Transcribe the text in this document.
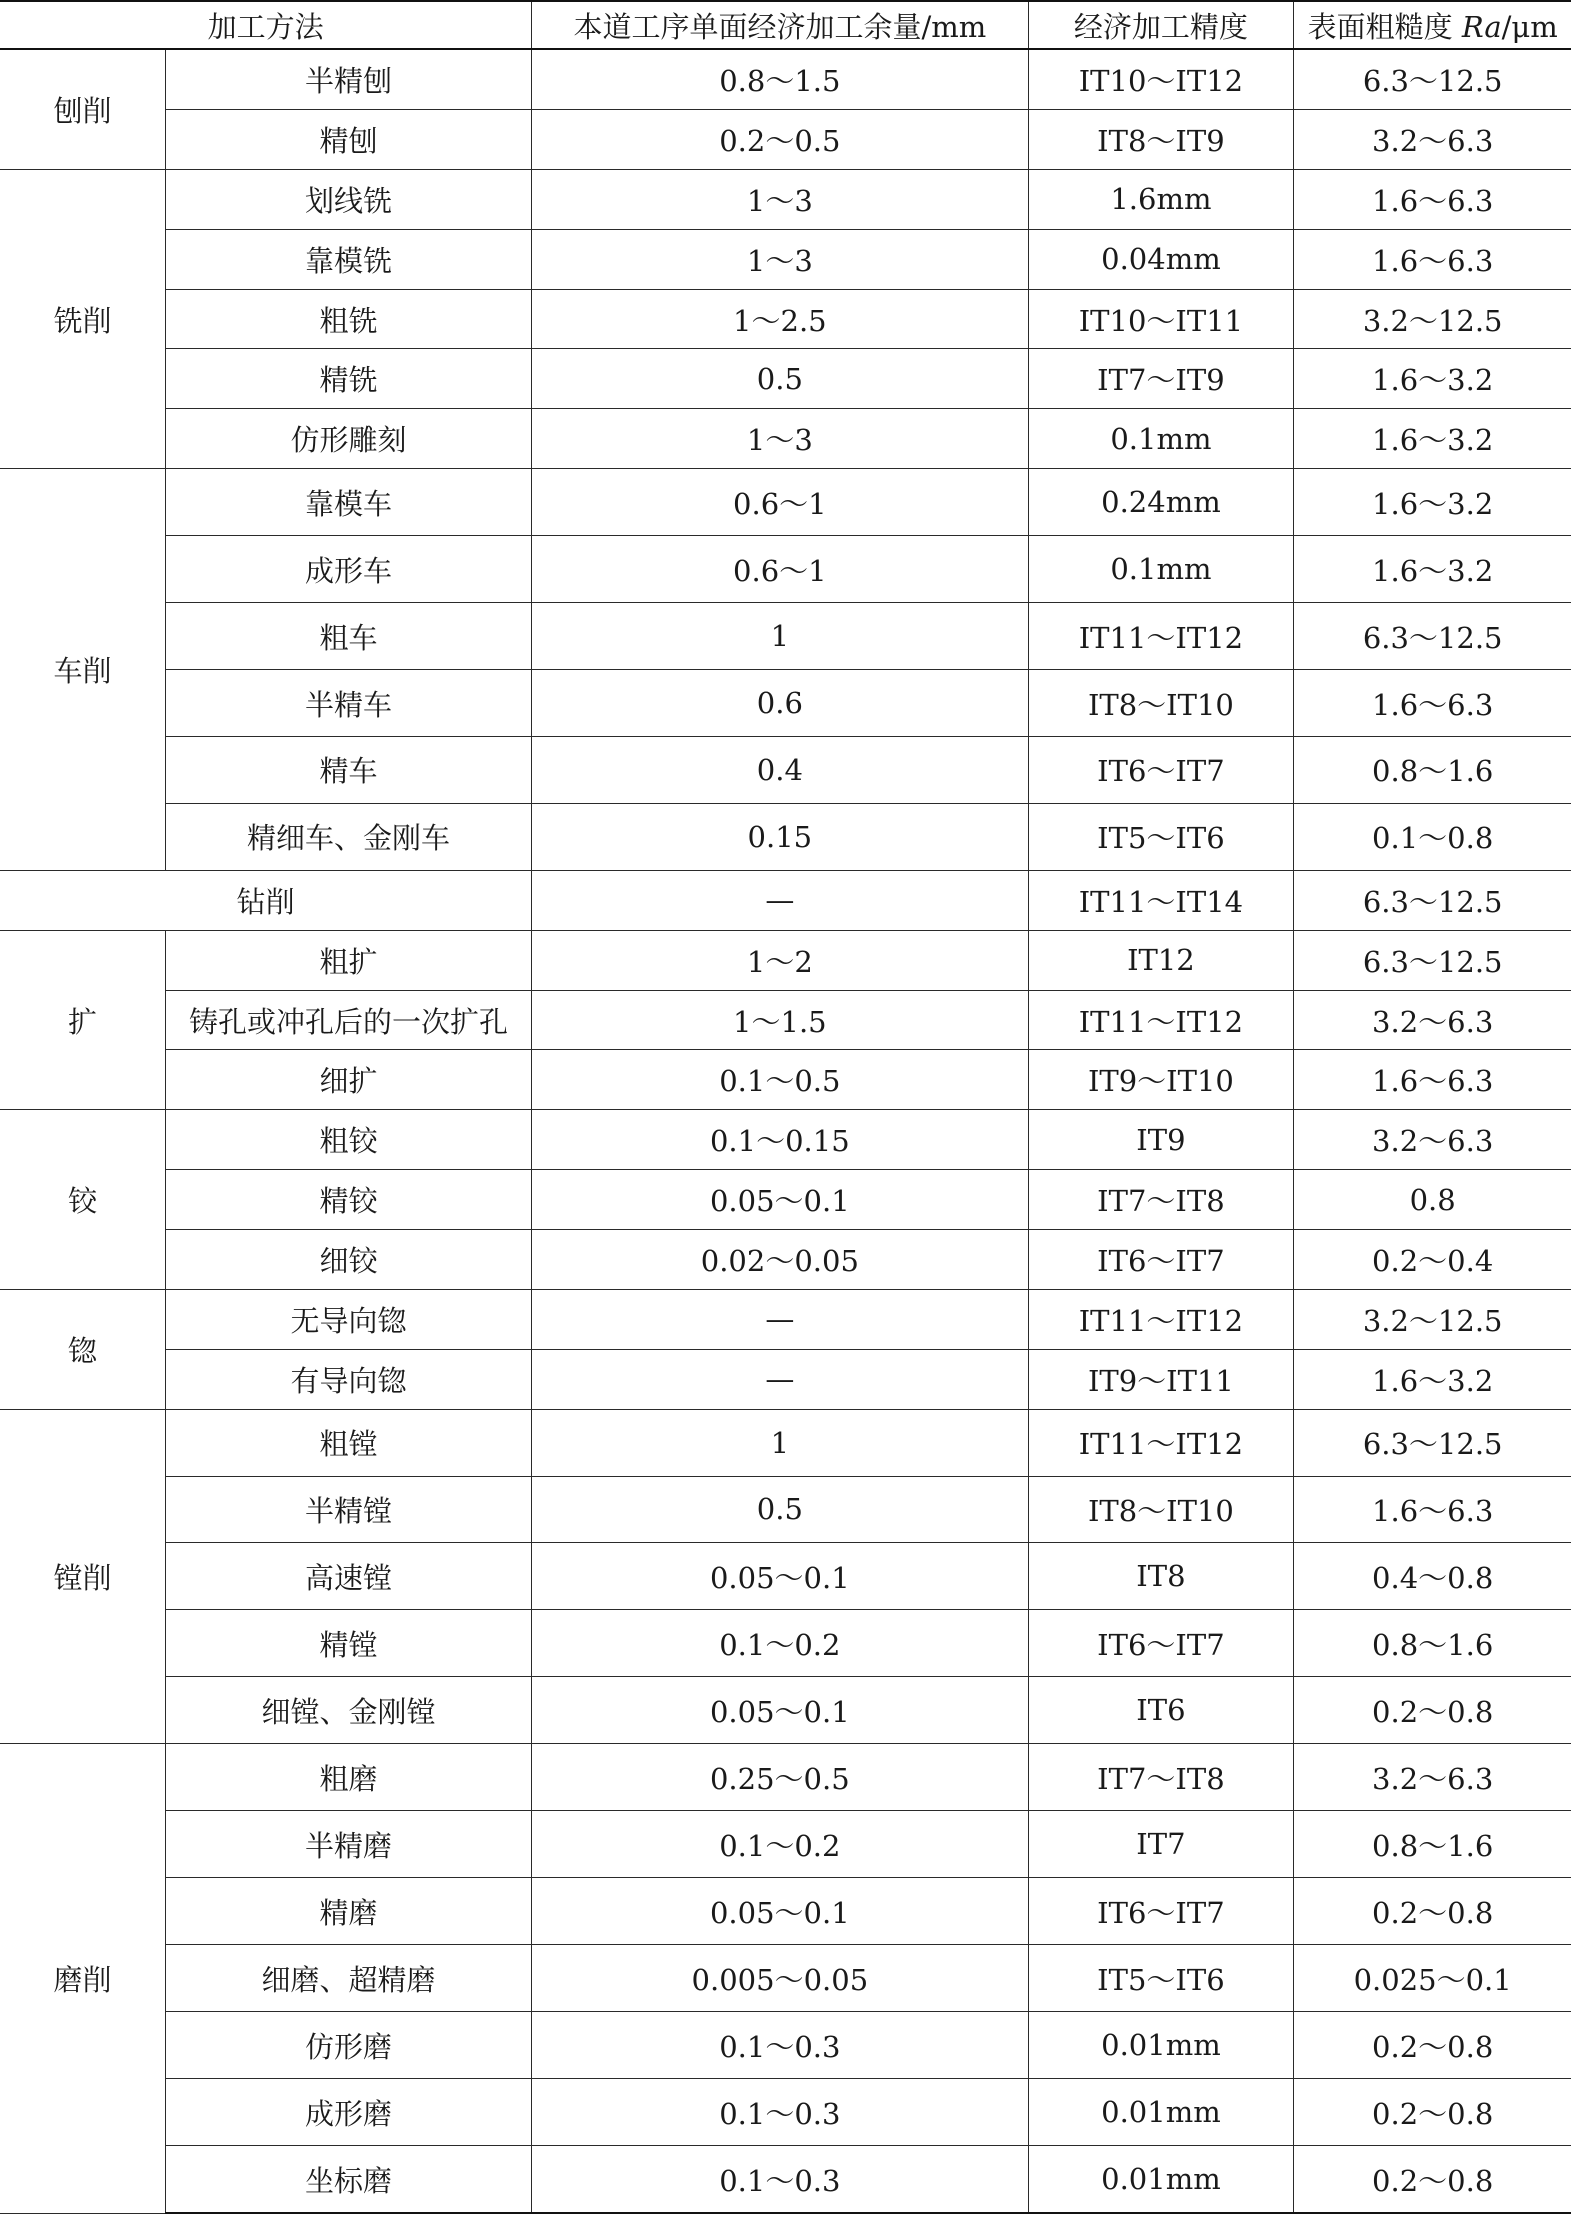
加工方法		本道工序单面经济加工余量/mm	经济加工精度	表面粗糙度 Ra/μm
刨削	半精刨	0.8～1.5	IT10～IT12	6.3～12.5
	精刨	0.2～0.5	IT8～IT9	3.2～6.3
铣削	划线铣	1～3	1.6mm	1.6～6.3
	靠模铣	1～3	0.04mm	1.6～6.3
	粗铣	1～2.5	IT10～IT11	3.2～12.5
	精铣	0.5	IT7～IT9	1.6～3.2
	仿形雕刻	1～3	0.1mm	1.6～3.2
车削	靠模车	0.6～1	0.24mm	1.6～3.2
	成形车	0.6～1	0.1mm	1.6～3.2
	粗车	1	IT11～IT12	6.3～12.5
	半精车	0.6	IT8～IT10	1.6～6.3
	精车	0.4	IT6～IT7	0.8～1.6
	精细车、金刚车	0.15	IT5～IT6	0.1～0.8
钻削		—	IT11～IT14	6.3～12.5
扩	粗扩	1～2	IT12	6.3～12.5
	铸孔或冲孔后的一次扩孔	1～1.5	IT11～IT12	3.2～6.3
	细扩	0.1～0.5	IT9～IT10	1.6～6.3
铰	粗铰	0.1～0.15	IT9	3.2～6.3
	精铰	0.05～0.1	IT7～IT8	0.8
	细铰	0.02～0.05	IT6～IT7	0.2～0.4
锪	无导向锪	—	IT11～IT12	3.2～12.5
	有导向锪	—	IT9～IT11	1.6～3.2
镗削	粗镗	1	IT11～IT12	6.3～12.5
	半精镗	0.5	IT8～IT10	1.6～6.3
	高速镗	0.05～0.1	IT8	0.4～0.8
	精镗	0.1～0.2	IT6～IT7	0.8～1.6
	细镗、金刚镗	0.05～0.1	IT6	0.2～0.8
磨削	粗磨	0.25～0.5	IT7～IT8	3.2～6.3
	半精磨	0.1～0.2	IT7	0.8～1.6
	精磨	0.05～0.1	IT6～IT7	0.2～0.8
	细磨、超精磨	0.005～0.05	IT5～IT6	0.025～0.1
	仿形磨	0.1～0.3	0.01mm	0.2～0.8
	成形磨	0.1～0.3	0.01mm	0.2～0.8
	坐标磨	0.1～0.3	0.01mm	0.2～0.8
